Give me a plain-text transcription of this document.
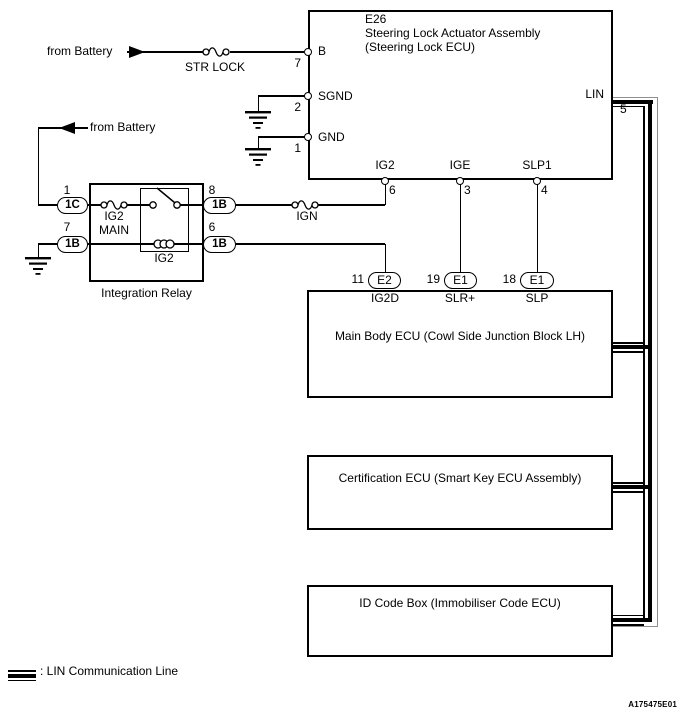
1C
1B
1B
1B
E2	E1	E1
E26
Steering Lock Actuator Assembly
(Steering Lock ECU)
B
7
SGND
2
GND
1
IG2
6
IGE
3
SLP1
4
LIN
5
from Battery
from Battery
STR LOCK
IG2
MAIN
IGN
1
7
8
6
IG2
Integration Relay
11
IG2D
19
SLR+
18
SLP
Main Body ECU (Cowl Side Junction Block LH)
Certification ECU (Smart Key ECU Assembly)
ID Code Box (Immobiliser Code ECU)
: LIN Communication Line
A175475E01
